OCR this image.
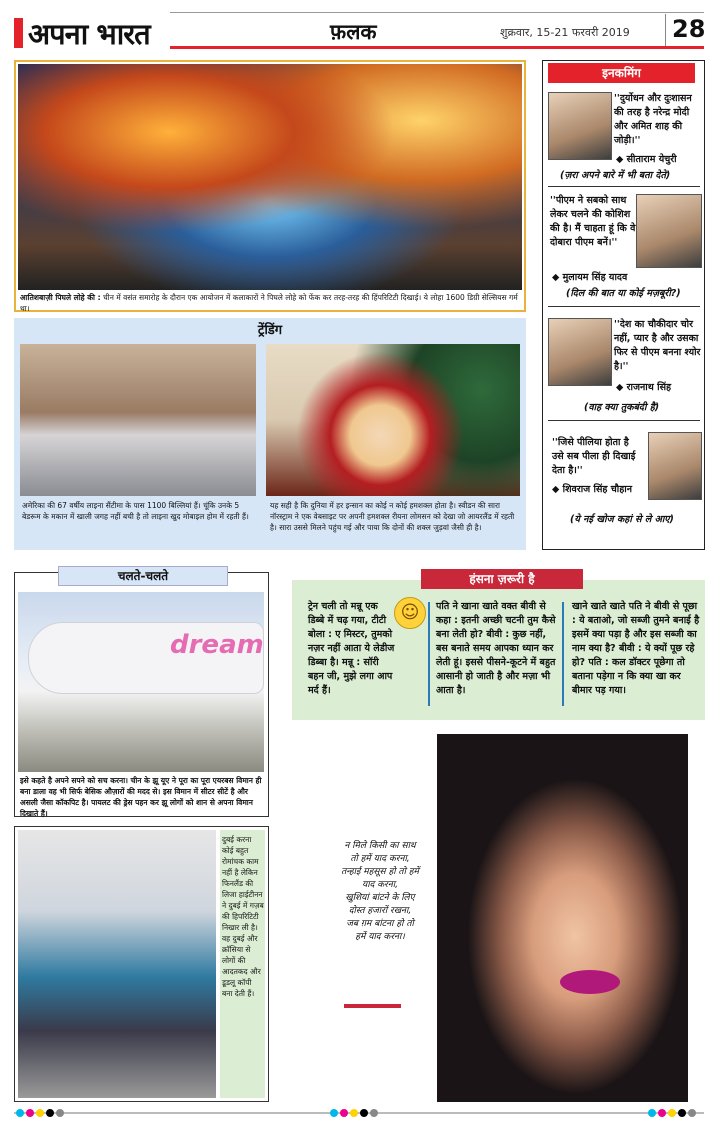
अपना भारत	फ़लक	शुक्रवार, 15-21 फरवरी 2019 28
आतिशबाज़ी पिघले लोहे की : चीन में वसंत समारोह के दौरान एक आयोजन में कलाकारों ने पिघले लोहे को फेंक कर तरह-तरह की हिंपरिटिटी दिखाई। ये लोहा 1600 डिग्री सेल्सियस गर्म था।
इनकमिंग
''दुर्योधन और दुःशासन की तरह है नरेन्द्र मोदी और अमित शाह की जोड़ी।''
◆ सीताराम येचुरी
(ज़रा अपने बारे में भी बता देते)
''पीएम ने सबको साथ लेकर चलने की कोशिश की है। मैं चाहता हूं कि वे दोबारा पीएम बनें।''
◆ मुलायम सिंह यादव
(दिल की बात या कोई मज़बूरी?)
''देश का चौकीदार चोर नहीं, प्यार है और उसका फिर से पीएम बनना श्योर है।''
◆ राजनाथ सिंह
(वाह क्या तुकबंदी है)
''जिसे पीलिया होता है उसे सब पीला ही दिखाई देता है।''
◆ शिवराज सिंह चौहान
(ये नई खोज कहां से ले आए)
ट्रेंडिंग
अमेरिका की 67 वर्षीय लाइना सैंटीमा के पास 1100 बिल्लियां हैं। चूंकि उनके 5 बेडरूम के मकान में खाली जगह नहीं बची है तो लाइना खुद मोबाइल होम में रहती हैं।
यह सही है कि दुनिया में हर इन्सान का कोई न कोई हमशक्ल होता है। स्वीडन की सारा नॉरस्ट्राम ने एक वेबसाइट पर अपनी हमशक्ल रीयना लोमसन को देखा जो आयरलैंड में रहती है। सारा उससे मिलने पहुंच गई और पाया कि दोनों की शक्ल जुड़वां जैसी ही है।
चलते-चलते
dream
इसे कहते है अपने सपने को सच करना। चीन के झू यूए ने पूरा का पूरा एयरबस विमान ही बना डाला वह भी सिर्फ बेसिक औज़ारों की मदद से। इस विमान में सीटर सीटें है और असली जैसा कॉकपिट है। पायलट की ड्रेस पहन कर झू लोगों को शान से अपना विमान दिखाते हैं।
दुबई करना कोई बहुत रोमांचक काम नहीं है लेकिन फिनलैंड की लिजा हाईटीनन ने दुबई में गज़ब की हिपरिटिटी निखार ली है। वह दुबई और क्रॉसिया से लोगों की आदतकद और डूडलू कॉपी बना देती हैं।
हंसना ज़रूरी है
☺
ट्रेन चली तो मन्नू एक डिब्बे में चढ़ गया, टीटी बोला : ए मिस्टर, तुमको नज़र नहीं आता ये लेडीज डिब्बा है। मन्नू : सॉरी बहन जी, मुझे लगा आप मर्द हैं।
पति ने खाना खाते वक्त बीवी से कहा : इतनी अच्छी चटनी तुम कैसे बना लेती हो? बीवी : कुछ नहीं, बस बनाते समय आपका ध्यान कर लेती हूं। इससे पीसने-कूटने में बहुत आसानी हो जाती है और मज़ा भी आता है।
खाने खाते खाते पति ने बीवी से पूछा : ये बताओ, जो सब्जी तुमने बनाई है इसमें क्या पड़ा है और इस सब्जी का नाम क्या है? बीवी : ये क्यों पूछ रहे हो? पति : कल डॉक्टर पूछेगा तो बताना पड़ेगा न कि क्या खा कर बीमार पड़ गया।
न मिले किसी का साथ
तो हमें याद करना,
तन्हाई महसूस हो तो हमें
याद करना,
खुशियां बांटने के लिए
दोस्त हजारों रखना,
जब ग़म बांटना हो तो
हमें याद करना।
